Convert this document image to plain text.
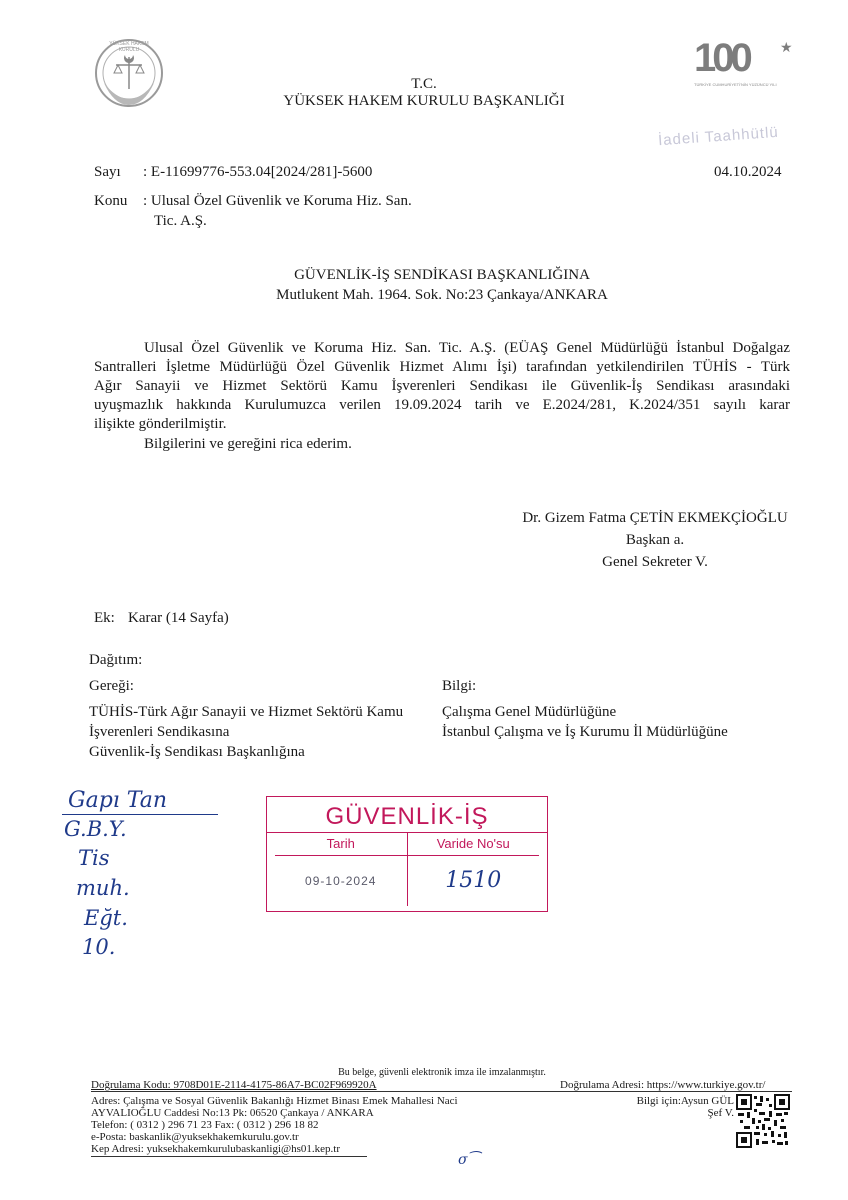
YÜKSEK HAKEM KURULU	100	★
TÜRKİYE CUMHURİYETİ'NİN YÜZÜNCÜ YILI
T.C.
YÜKSEK HAKEM KURULU BAŞKANLIĞI
İadeli Taahhütlü
Sayı : E-11699776-553.04[2024/281]-5600	04.10.2024
Konu : Ulusal Özel Güvenlik ve Koruma Hiz. San.
Tic. A.Ş.
GÜVENLİK-İŞ SENDİKASI BAŞKANLIĞINA
Mutlukent Mah. 1964. Sok. No:23 Çankaya/ANKARA
Ulusal Özel Güvenlik ve Koruma Hiz. San. Tic. A.Ş. (EÜAŞ Genel Müdürlüğü İstanbul Doğalgaz
Santralleri İşletme Müdürlüğü Özel Güvenlik Hizmet Alımı İşi) tarafından yetkilendirilen TÜHİS - Türk
Ağır Sanayii ve Hizmet Sektörü Kamu İşverenleri Sendikası ile Güvenlik-İş Sendikası arasındaki
uyuşmazlık hakkında Kurulumuzca verilen 19.09.2024 tarih ve E.2024/281, K.2024/351 sayılı karar
ilişikte gönderilmiştir.
Bilgilerini ve gereğini rica ederim.
Dr. Gizem Fatma ÇETİN EKMEKÇİOĞLU
Başkan a.
Genel Sekreter V.
Ek: Karar (14 Sayfa)
Dağıtım:
Gereği:	Bilgi:
TÜHİS-Türk Ağır Sanayii ve Hizmet Sektörü Kamu
İşverenleri Sendikasına
Güvenlik-İş Sendikası Başkanlığına
Çalışma Genel Müdürlüğüne
İstanbul Çalışma ve İş Kurumu İl Müdürlüğüne
Gapı Tan
G.B.Y.
Tis
muh.
Eğt.
10.
GÜVENLİK-İŞ
Tarih	Varide No'su
09-10-2024	1510
Bu belge, güvenli elektronik imza ile imzalanmıştır.
Doğrulama Kodu: 9708D01E-2114-4175-86A7-BC02F969920A	Doğrulama Adresi: https://www.turkiye.gov.tr/
Adres: Çalışma ve Sosyal Güvenlik Bakanlığı Hizmet Binası Emek Mahallesi Naci
AYVALIOĞLU Caddesi No:13 Pk: 06520 Çankaya / ANKARA
Telefon: ( 0312 ) 296 71 23 Fax: ( 0312 ) 296 18 82
e-Posta: baskanlik@yuksekhakemkurulu.gov.tr
Kep Adresi: yuksekhakemkurulubaskanligi@hs01.kep.tr
Bilgi için:Aysun GÜL
Şef V.
σ⁀
